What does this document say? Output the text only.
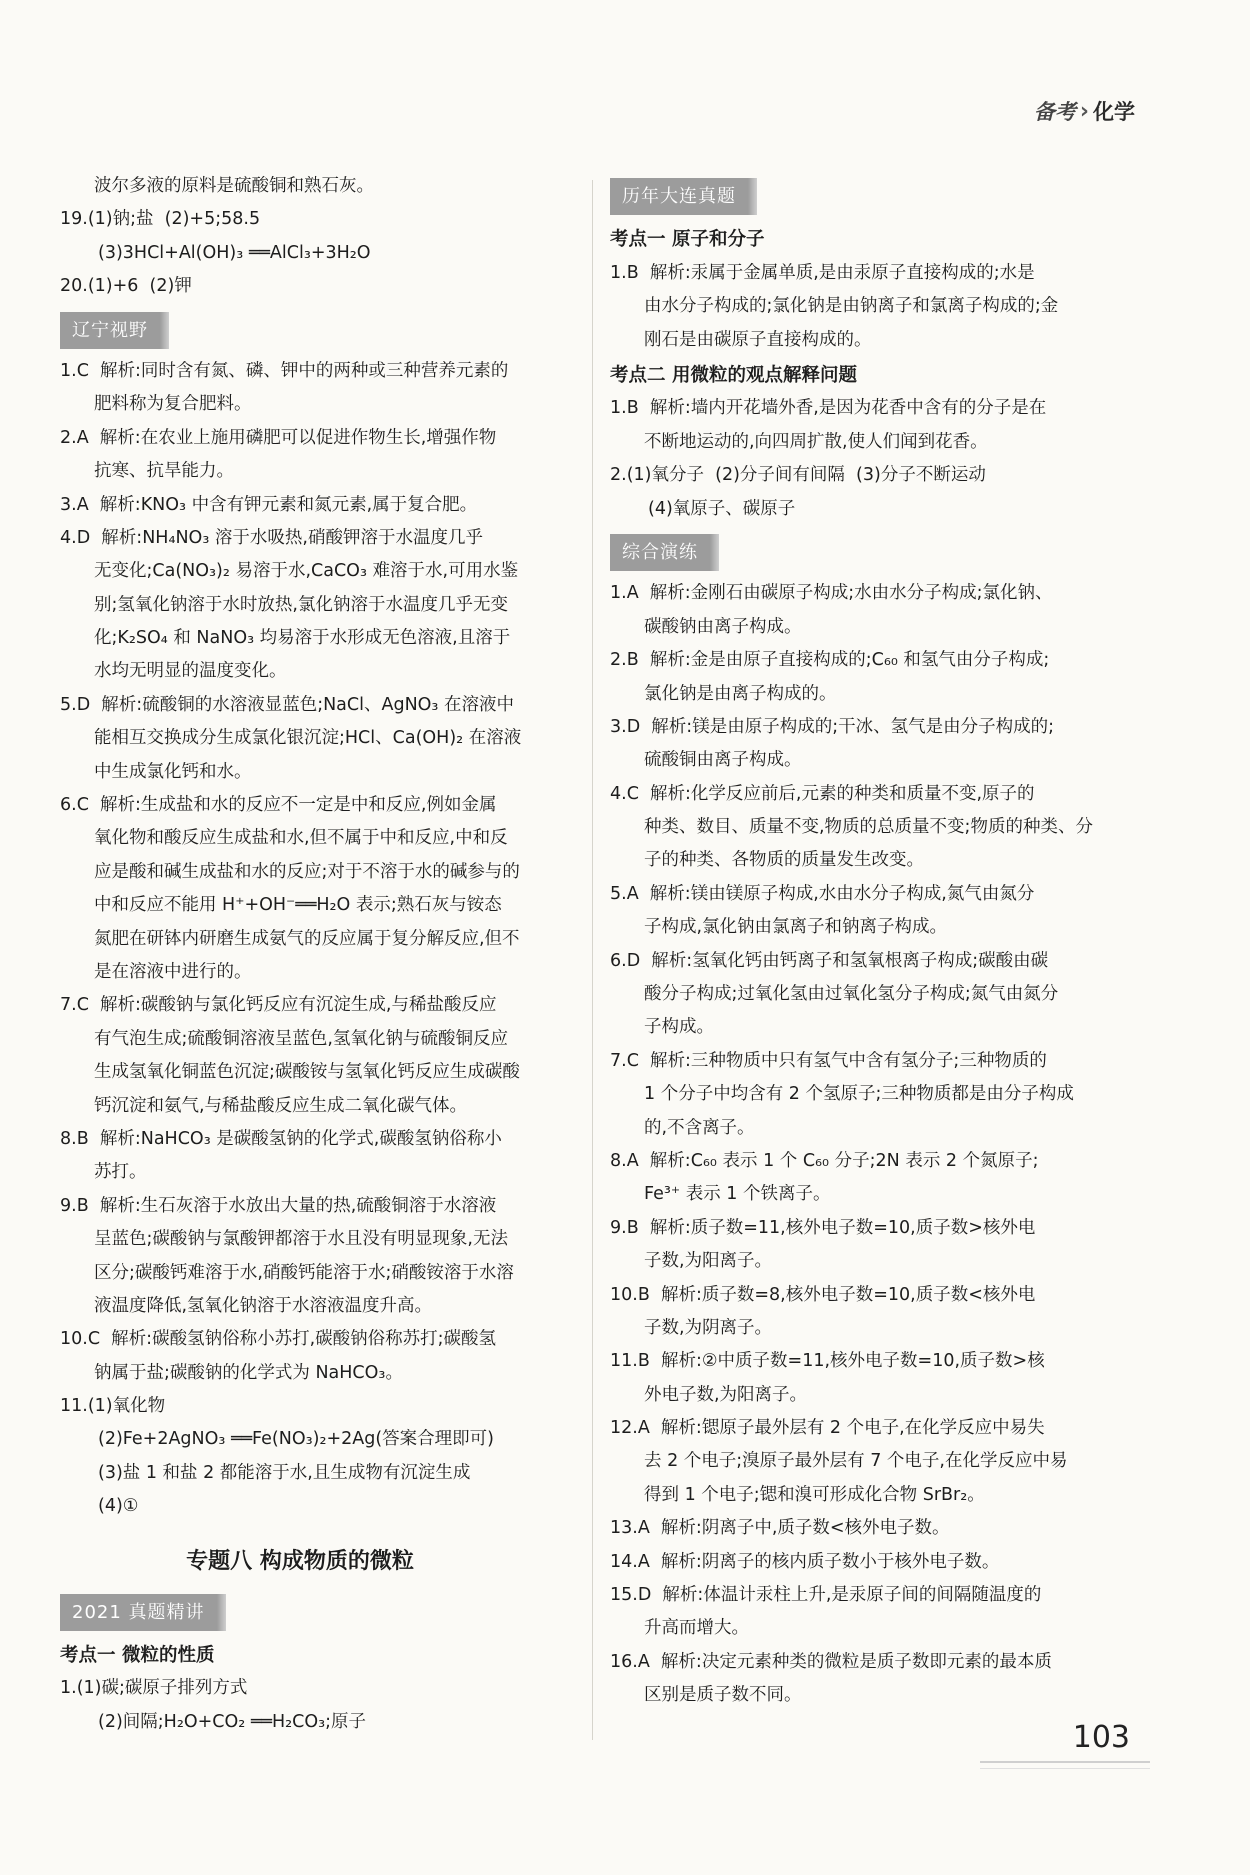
备考 › 化学
波尔多液的原料是硫酸铜和熟石灰。
19.(1)钠;盐  (2)+5;58.5
(3)3HCl+Al(OH)₃ ══AlCl₃+3H₂O
20.(1)+6  (2)钾
辽宁视野
1.C  解析:同时含有氮、磷、钾中的两种或三种营养元素的
肥料称为复合肥料。
2.A  解析:在农业上施用磷肥可以促进作物生长,增强作物
抗寒、抗旱能力。
3.A  解析:KNO₃ 中含有钾元素和氮元素,属于复合肥。
4.D  解析:NH₄NO₃ 溶于水吸热,硝酸钾溶于水温度几乎
无变化;Ca(NO₃)₂ 易溶于水,CaCO₃ 难溶于水,可用水鉴
别;氢氧化钠溶于水时放热,氯化钠溶于水温度几乎无变
化;K₂SO₄ 和 NaNO₃ 均易溶于水形成无色溶液,且溶于
水均无明显的温度变化。
5.D  解析:硫酸铜的水溶液显蓝色;NaCl、AgNO₃ 在溶液中
能相互交换成分生成氯化银沉淀;HCl、Ca(OH)₂ 在溶液
中生成氯化钙和水。
6.C  解析:生成盐和水的反应不一定是中和反应,例如金属
氧化物和酸反应生成盐和水,但不属于中和反应,中和反
应是酸和碱生成盐和水的反应;对于不溶于水的碱参与的
中和反应不能用 H⁺+OH⁻══H₂O 表示;熟石灰与铵态
氮肥在研钵内研磨生成氨气的反应属于复分解反应,但不
是在溶液中进行的。
7.C  解析:碳酸钠与氯化钙反应有沉淀生成,与稀盐酸反应
有气泡生成;硫酸铜溶液呈蓝色,氢氧化钠与硫酸铜反应
生成氢氧化铜蓝色沉淀;碳酸铵与氢氧化钙反应生成碳酸
钙沉淀和氨气,与稀盐酸反应生成二氧化碳气体。
8.B  解析:NaHCO₃ 是碳酸氢钠的化学式,碳酸氢钠俗称小
苏打。
9.B  解析:生石灰溶于水放出大量的热,硫酸铜溶于水溶液
呈蓝色;碳酸钠与氯酸钾都溶于水且没有明显现象,无法
区分;碳酸钙难溶于水,硝酸钙能溶于水;硝酸铵溶于水溶
液温度降低,氢氧化钠溶于水溶液温度升高。
10.C  解析:碳酸氢钠俗称小苏打,碳酸钠俗称苏打;碳酸氢
钠属于盐;碳酸钠的化学式为 NaHCO₃。
11.(1)氧化物
(2)Fe+2AgNO₃ ══Fe(NO₃)₂+2Ag(答案合理即可)
(3)盐 1 和盐 2 都能溶于水,且生成物有沉淀生成
(4)①
专题八 构成物质的微粒
2021 真题精讲
考点一 微粒的性质
1.(1)碳;碳原子排列方式
(2)间隔;H₂O+CO₂ ══H₂CO₃;原子
历年大连真题
考点一 原子和分子
1.B  解析:汞属于金属单质,是由汞原子直接构成的;水是
由水分子构成的;氯化钠是由钠离子和氯离子构成的;金
刚石是由碳原子直接构成的。
考点二 用微粒的观点解释问题
1.B  解析:墙内开花墙外香,是因为花香中含有的分子是在
不断地运动的,向四周扩散,使人们闻到花香。
2.(1)氧分子  (2)分子间有间隔  (3)分子不断运动
(4)氧原子、碳原子
综合演练
1.A  解析:金刚石由碳原子构成;水由水分子构成;氯化钠、
碳酸钠由离子构成。
2.B  解析:金是由原子直接构成的;C₆₀ 和氢气由分子构成;
氯化钠是由离子构成的。
3.D  解析:镁是由原子构成的;干冰、氢气是由分子构成的;
硫酸铜由离子构成。
4.C  解析:化学反应前后,元素的种类和质量不变,原子的
种类、数目、质量不变,物质的总质量不变;物质的种类、分
子的种类、各物质的质量发生改变。
5.A  解析:镁由镁原子构成,水由水分子构成,氮气由氮分
子构成,氯化钠由氯离子和钠离子构成。
6.D  解析:氢氧化钙由钙离子和氢氧根离子构成;碳酸由碳
酸分子构成;过氧化氢由过氧化氢分子构成;氮气由氮分
子构成。
7.C  解析:三种物质中只有氢气中含有氢分子;三种物质的
1 个分子中均含有 2 个氢原子;三种物质都是由分子构成
的,不含离子。
8.A  解析:C₆₀ 表示 1 个 C₆₀ 分子;2N 表示 2 个氮原子;
Fe³⁺ 表示 1 个铁离子。
9.B  解析:质子数=11,核外电子数=10,质子数>核外电
子数,为阳离子。
10.B  解析:质子数=8,核外电子数=10,质子数<核外电
子数,为阴离子。
11.B  解析:②中质子数=11,核外电子数=10,质子数>核
外电子数,为阳离子。
12.A  解析:锶原子最外层有 2 个电子,在化学反应中易失
去 2 个电子;溴原子最外层有 7 个电子,在化学反应中易
得到 1 个电子;锶和溴可形成化合物 SrBr₂。
13.A  解析:阴离子中,质子数<核外电子数。
14.A  解析:阴离子的核内质子数小于核外电子数。
15.D  解析:体温计汞柱上升,是汞原子间的间隔随温度的
升高而增大。
16.A  解析:决定元素种类的微粒是质子数即元素的最本质
区别是质子数不同。
103
